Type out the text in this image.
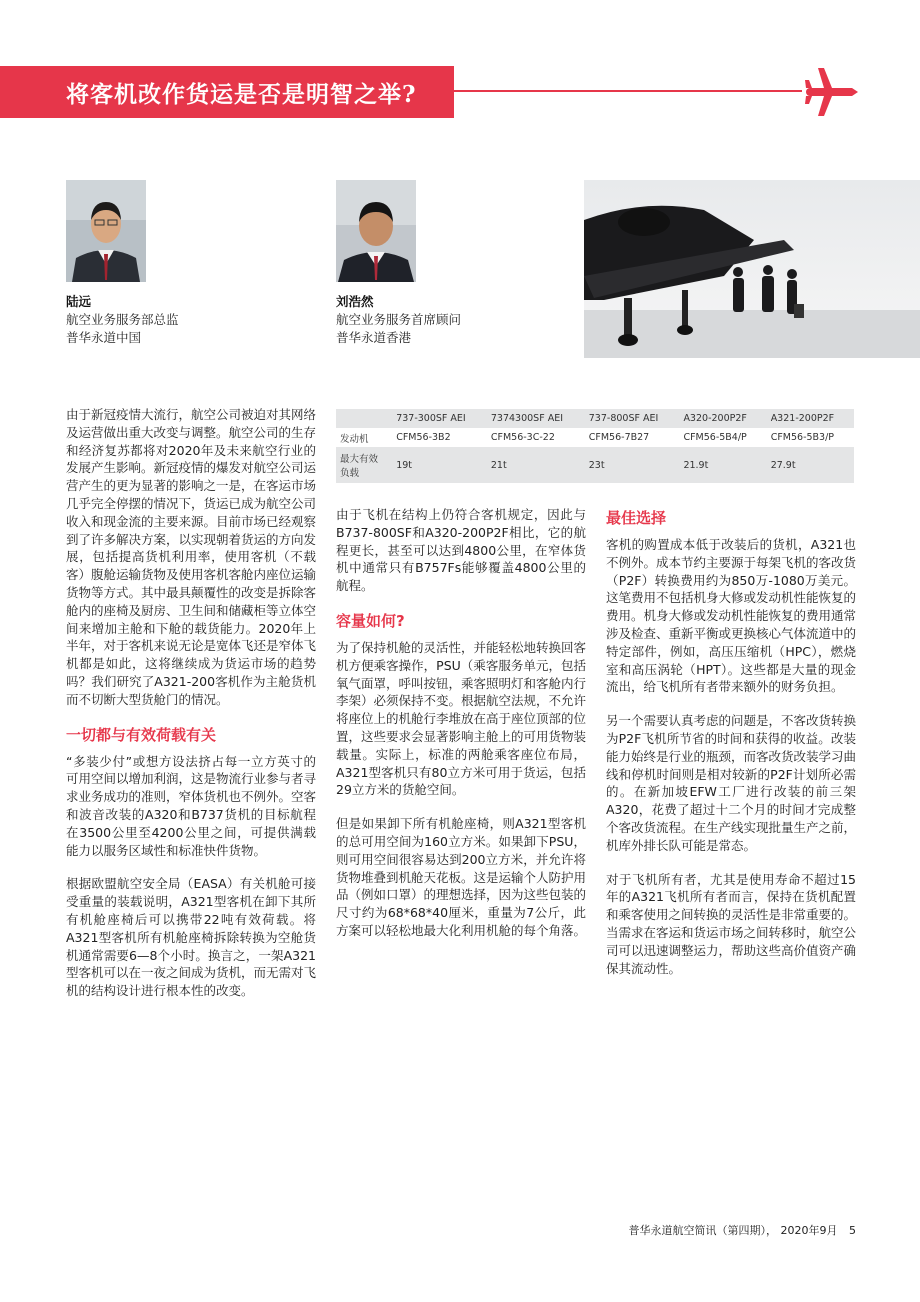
将客机改作货运是否是明智之举?
陆远
航空业务服务部总监
普华永道中国
刘浩然
航空业务服务首席顾问
普华永道香港
	737-300SF AEI	7374300SF AEI	737-800SF AEI	A320-200P2F	A321-200P2F
发动机	CFM56-3B2	CFM56-3C-22	CFM56-7B27	CFM56-5B4/P	CFM56-5B3/P

最大有效
负载	19t	21t	23t	21.9t	27.9t

由于新冠疫情大流行，航空公司被迫对其网络及运营做出重大改变与调整。航空公司的生存和经济复苏都将对2020年及未来航空行业的发展产生影响。新冠疫情的爆发对航空公司运营产生的更为显著的影响之一是，在客运市场几乎完全停摆的情况下，货运已成为航空公司收入和现金流的主要来源。目前市场已经观察到了许多解决方案，以实现朝着货运的方向发展，包括提高货机利用率，使用客机（不载客）腹舱运输货物及使用客机客舱内座位运输货物等方式。其中最具颠覆性的改变是拆除客舱内的座椅及厨房、卫生间和储藏柜等立体空间来增加主舱和下舱的载货能力。2020年上半年，对于客机来说无论是宽体飞还是窄体飞机都是如此，这将继续成为货运市场的趋势吗？我们研究了A321-200客机作为主舱货机而不切断大型货舱门的情况。

一切都与有效荷载有关

“多装少付”或想方设法挤占每一立方英寸的可用空间以增加利润，这是物流行业参与者寻求业务成功的准则，窄体货机也不例外。空客和波音改装的A320和B737货机的目标航程在3500公里至4200公里之间，可提供满载能力以服务区域性和标准快件货物。

根据欧盟航空安全局（EASA）有关机舱可接受重量的装载说明，A321型客机在卸下其所有机舱座椅后可以携带22吨有效荷载。将A321型客机所有机舱座椅拆除转换为空舱货机通常需要6—8个小时。换言之，一架A321型客机可以在一夜之间成为货机，而无需对飞机的结构设计进行根本性的改变。

由于飞机在结构上仍符合客机规定，因此与B737-800SF和A320-200P2F相比，它的航程更长，甚至可以达到4800公里，在窄体货机中通常只有B757Fs能够覆盖4800公里的航程。

容量如何?

为了保持机舱的灵活性，并能轻松地转换回客机方便乘客操作，PSU（乘客服务单元，包括氧气面罩，呼叫按钮，乘客照明灯和客舱内行李架）必须保持不变。根据航空法规，不允许将座位上的机舱行李堆放在高于座位顶部的位置，这些要求会显著影响主舱上的可用货物装载量。实际上，标准的两舱乘客座位布局，A321型客机只有80立方米可用于货运，包括29立方米的货舱空间。

但是如果卸下所有机舱座椅，则A321型客机的总可用空间为160立方米。如果卸下PSU，则可用空间很容易达到200立方米，并允许将货物堆叠到机舱天花板。这是运输个人防护用品（例如口罩）的理想选择，因为这些包装的尺寸约为68*68*40厘米，重量为7公斤，此方案可以轻松地最大化利用机舱的每个角落。

最佳选择

客机的购置成本低于改装后的货机，A321也不例外。成本节约主要源于每架飞机的客改货（P2F）转换费用约为850万-1080万美元。这笔费用不包括机身大修或发动机性能恢复的费用。机身大修或发动机性能恢复的费用通常涉及检查、重新平衡或更换核心气体流道中的特定部件，例如，高压压缩机（HPC），燃烧室和高压涡轮（HPT）。这些都是大量的现金流出，给飞机所有者带来额外的财务负担。

另一个需要认真考虑的问题是，不客改货转换为P2F飞机所节省的时间和获得的收益。改装能力始终是行业的瓶颈，而客改货改装学习曲线和停机时间则是相对较新的P2F计划所必需的。在新加坡EFW工厂进行改装的前三架A320，花费了超过十二个月的时间才完成整个客改货流程。在生产线实现批量生产之前，机库外排长队可能是常态。

对于飞机所有者，尤其是使用寿命不超过15年的A321飞机所有者而言，保持在货机配置和乘客使用之间转换的灵活性是非常重要的。当需求在客运和货运市场之间转移时，航空公司可以迅速调整运力，帮助这些高价值资产确保其流动性。

普华永道航空简讯（第四期）， 2020年9月 5
